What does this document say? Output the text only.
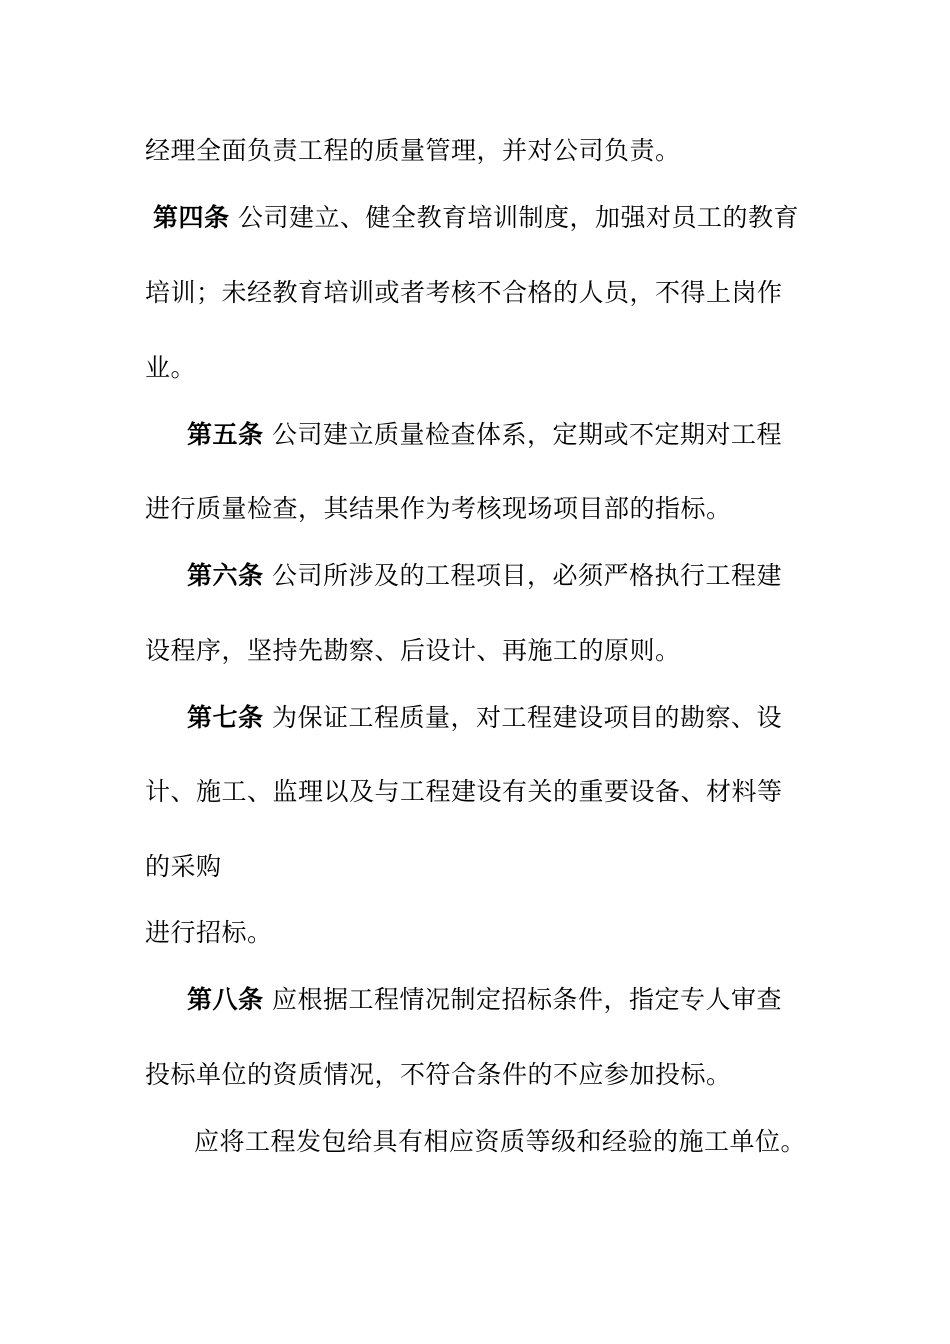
经理全面负责工程的质量管理，并对公司负责。
第四条 公司建立、健全教育培训制度，加强对员工的教育
培训；未经教育培训或者考核不合格的人员，不得上岗作
业。
第五条 公司建立质量检查体系，定期或不定期对工程
进行质量检查，其结果作为考核现场项目部的指标。
第六条 公司所涉及的工程项目，必须严格执行工程建
设程序，坚持先勘察、后设计、再施工的原则。
第七条 为保证工程质量，对工程建设项目的勘察、设
计、施工、监理以及与工程建设有关的重要设备、材料等
的采购
进行招标。
第八条 应根据工程情况制定招标条件，指定专人审查
投标单位的资质情况，不符合条件的不应参加投标。
应将工程发包给具有相应资质等级和经验的施工单位。
